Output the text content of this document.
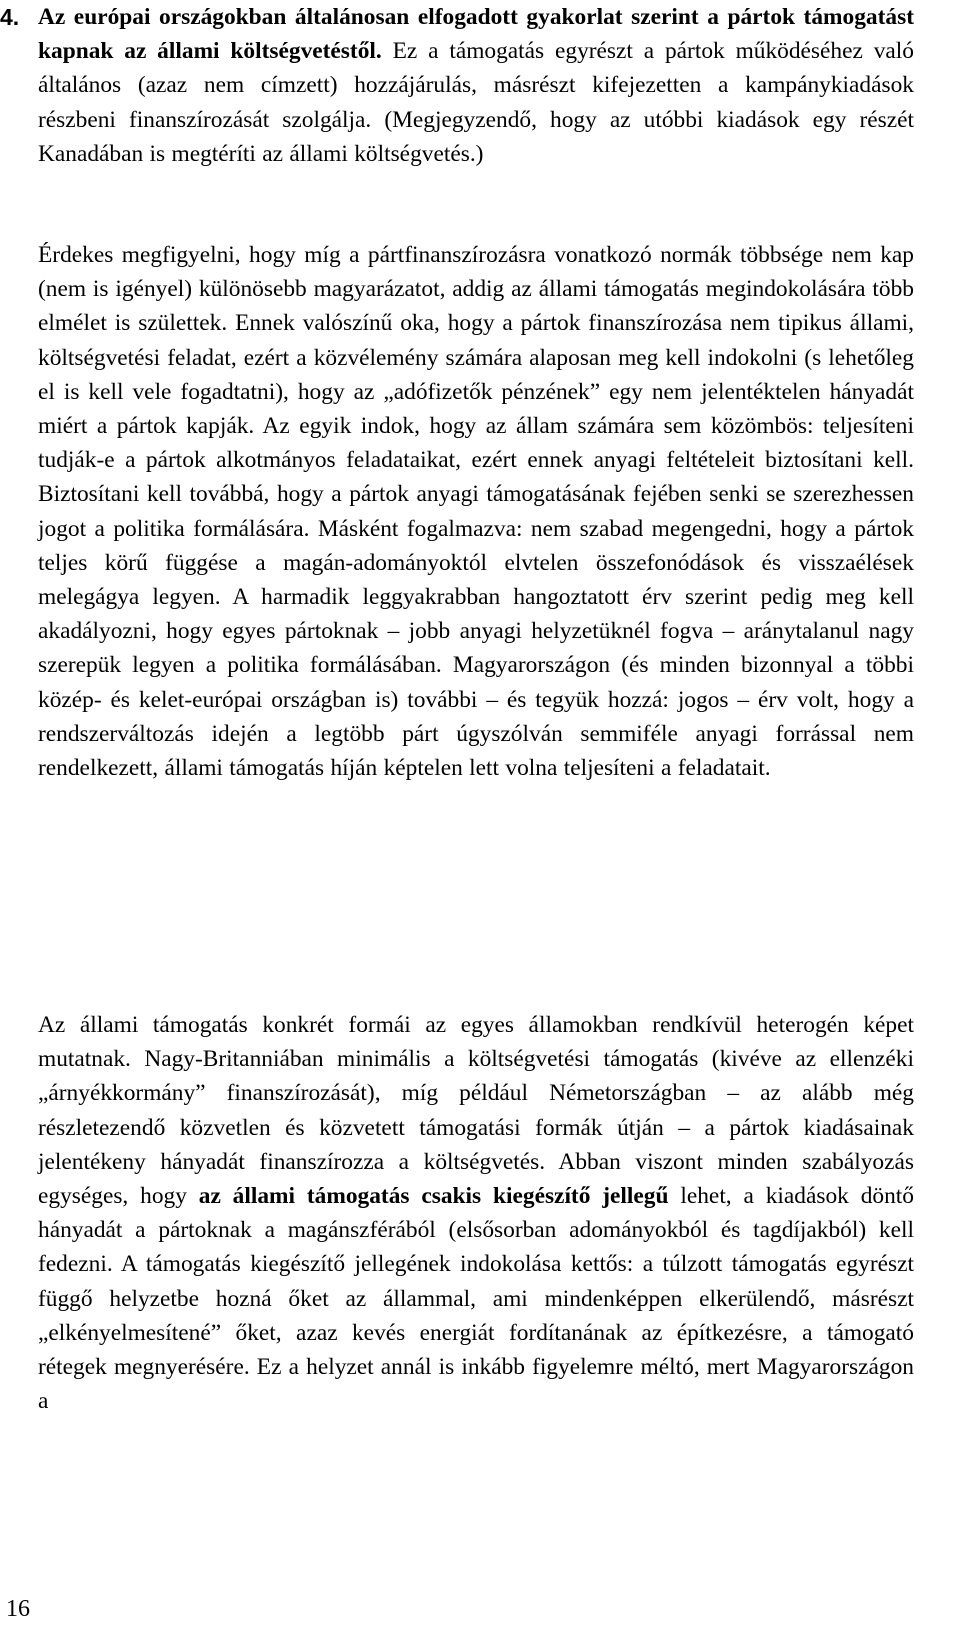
4. Az európai országokban általánosan elfogadott gyakorlat szerint a pártok támogatást kapnak az állami költségvetéstől. Ez a támogatás egyrészt a pártok működéséhez való általános (azaz nem címzett) hozzájárulás, másrészt kifejezetten a kampánykiadások részbeni finanszírozását szolgálja. (Megjegyzendő, hogy az utóbbi kiadások egy részét Kanadában is megtéríti az állami költségvetés.)

Érdekes megfigyelni, hogy míg a pártfinanszírozásra vonatkozó normák többsége nem kap (nem is igényel) különösebb magyarázatot, addig az állami támogatás megindokolására több elmélet is születtek. Ennek valószínű oka, hogy a pártok finanszírozása nem tipikus állami, költségvetési feladat, ezért a közvélemény számára alaposan meg kell indokolni (s lehetőleg el is kell vele fogadtatni), hogy az „adófizetők pénzének” egy nem jelentéktelen hányadát miért a pártok kapják. Az egyik indok, hogy az állam számára sem közömbös: teljesíteni tudják-e a pártok alkotmányos feladataikat, ezért ennek anyagi feltételeit biztosítani kell. Biztosítani kell továbbá, hogy a pártok anyagi támogatásának fejében senki se szerezhessen jogot a politika formálására. Másként fogalmazva: nem szabad megengedni, hogy a pártok teljes körű függése a magán-adományoktól elvtelen összefonódások és visszaélések melegágya legyen. A harmadik leggyakrabban hangoztatott érv szerint pedig meg kell akadályozni, hogy egyes pártoknak – jobb anyagi helyzetüknél fogva – aránytalanul nagy szerepük legyen a politika formálásában. Magyarországon (és minden bizonnyal a többi közép- és kelet-európai országban is) további – és tegyük hozzá: jogos – érv volt, hogy a rendszerváltozás idején a legtöbb párt úgyszólván semmiféle anyagi forrással nem rendelkezett, állami támogatás híján képtelen lett volna teljesíteni a feladatait.

Az állami támogatás konkrét formái az egyes államokban rendkívül heterogén képet mutatnak. Nagy-Britanniában minimális a költségvetési támogatás (kivéve az ellenzéki „árnyékkormány” finanszírozását), míg például Németországban – az alább még részletezendő közvetlen és közvetett támogatási formák útján – a pártok kiadásainak jelentékeny hányadát finanszírozza a költségvetés. Abban viszont minden szabályozás egységes, hogy az állami támogatás csakis kiegészítő jellegű lehet, a kiadások döntő hányadát a pártoknak a magánszférából (elsősorban adományokból és tagdíjakból) kell fedezni. A támogatás kiegészítő jellegének indokolása kettős: a túlzott támogatás egyrészt függő helyzetbe hozná őket az állammal, ami mindenképpen elkerülendő, másrészt „elkényelmesítené” őket, azaz kevés energiát fordítanának az építkezésre, a támogató rétegek megnyerésére. Ez a helyzet annál is inkább figyelemre méltó, mert Magyarországon a

16
